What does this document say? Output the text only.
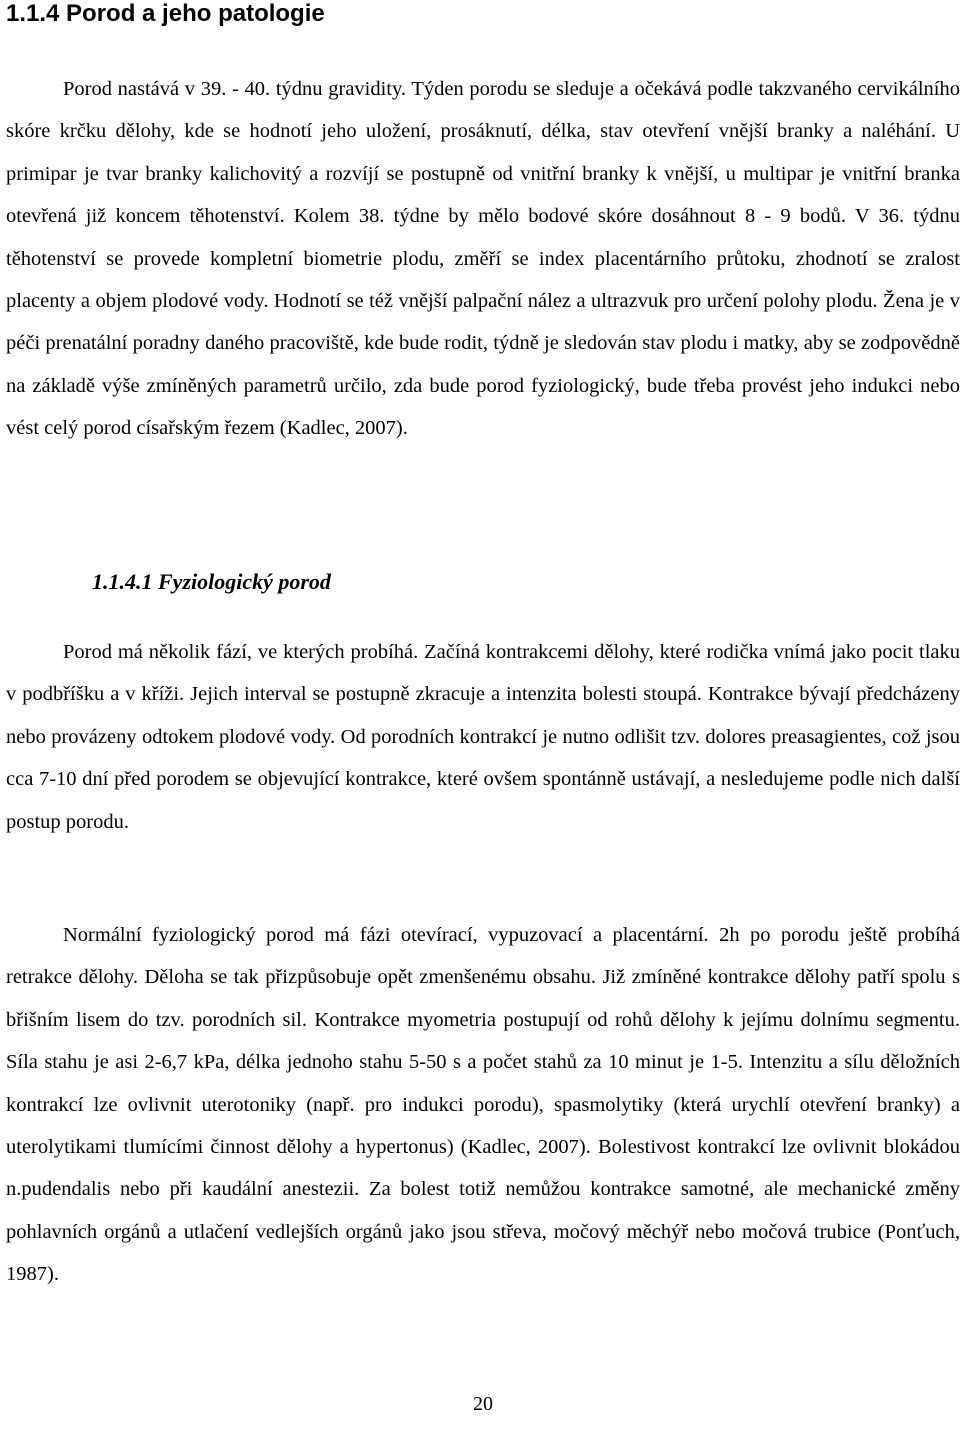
1.1.4 Porod a jeho patologie

Porod nastává v 39. - 40. týdnu gravidity. Týden porodu se sleduje a očekává podle takzvaného cervikálního skóre krčku dělohy, kde se hodnotí jeho uložení, prosáknutí, délka, stav otevření vnější branky a naléhání. U primipar je tvar branky kalichovitý a rozvíjí se postupně od vnitřní branky k vnější, u multipar je vnitřní branka otevřená již koncem těhotenství. Kolem 38. týdne by mělo bodové skóre dosáhnout 8 - 9 bodů. V 36. týdnu těhotenství se provede kompletní biometrie plodu, změří se index placentárního průtoku, zhodnotí se zralost placenty a objem plodové vody. Hodnotí se též vnější palpační nález a ultrazvuk pro určení polohy plodu. Žena je v péči prenatální poradny daného pracoviště, kde bude rodit, týdně je sledován stav plodu i matky, aby se zodpovědně na základě výše zmíněných parametrů určilo, zda bude porod fyziologický, bude třeba provést jeho indukci nebo vést celý porod císařským řezem (Kadlec, 2007).

1.1.4.1 Fyziologický porod

Porod má několik fází, ve kterých probíhá. Začíná kontrakcemi dělohy, které rodička vnímá jako pocit tlaku v podbříšku a v kříži. Jejich interval se postupně zkracuje a intenzita bolesti stoupá. Kontrakce bývají předcházeny nebo provázeny odtokem plodové vody. Od porodních kontrakcí je nutno odlišit tzv. dolores preasagientes, což jsou cca 7-10 dní před porodem se objevující kontrakce, které ovšem spontánně ustávají, a nesledujeme podle nich další postup porodu.

Normální fyziologický porod má fázi otevírací, vypuzovací a placentární. 2h po porodu ještě probíhá retrakce dělohy. Děloha se tak přizpůsobuje opět zmenšenému obsahu. Již zmíněné kontrakce dělohy patří spolu s břišním lisem do tzv. porodních sil. Kontrakce myometria postupují od rohů dělohy k jejímu dolnímu segmentu. Síla stahu je asi 2-6,7 kPa, délka jednoho stahu 5-50 s a počet stahů za 10 minut je 1-5. Intenzitu a sílu děložních kontrakcí lze ovlivnit uterotoniky (např. pro indukci porodu), spasmolytiky (která urychlí otevření branky) a uterolytikami tlumícími činnost dělohy a hypertonus) (Kadlec, 2007). Bolestivost kontrakcí lze ovlivnit blokádou n.pudendalis nebo při kaudální anestezii. Za bolest totiž nemůžou kontrakce samotné, ale mechanické změny pohlavních orgánů a utlačení vedlejších orgánů jako jsou střeva, močový měchýř nebo močová trubice (Ponťuch, 1987).

20
